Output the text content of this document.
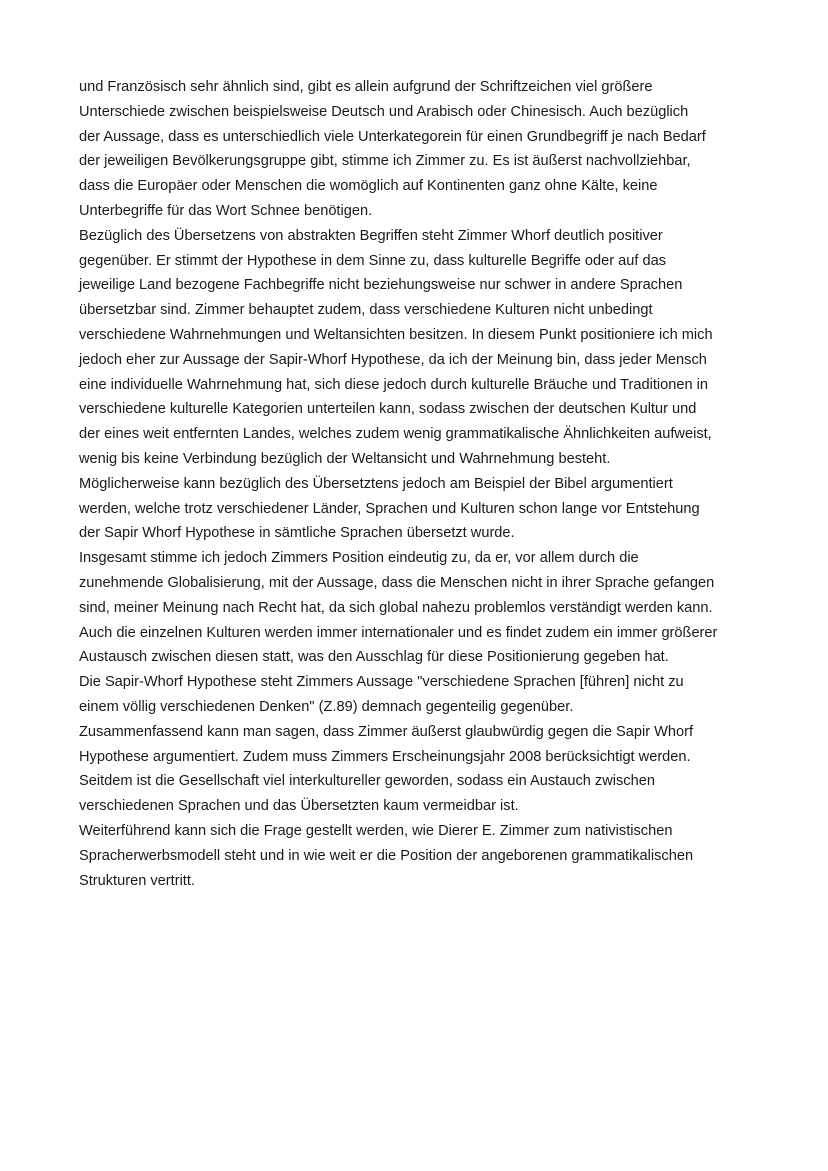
und Französisch sehr ähnlich sind, gibt es allein aufgrund der Schriftzeichen viel größere
Unterschiede zwischen beispielsweise Deutsch und Arabisch oder Chinesisch. Auch bezüglich
der Aussage, dass es unterschiedlich viele Unterkategorein für einen Grundbegriff je nach Bedarf
der jeweiligen Bevölkerungsgruppe gibt, stimme ich Zimmer zu. Es ist äußerst nachvollziehbar,
dass die Europäer oder Menschen die womöglich auf Kontinenten ganz ohne Kälte, keine
Unterbegriffe für das Wort Schnee benötigen.
Bezüglich des Übersetzens von abstrakten Begriffen steht Zimmer Whorf deutlich positiver
gegenüber. Er stimmt der Hypothese in dem Sinne zu, dass kulturelle Begriffe oder auf das
jeweilige Land bezogene Fachbegriffe nicht beziehungsweise nur schwer in andere Sprachen
übersetzbar sind. Zimmer behauptet zudem, dass verschiedene Kulturen nicht unbedingt
verschiedene Wahrnehmungen und Weltansichten besitzen. In diesem Punkt positioniere ich mich
jedoch eher zur Aussage der Sapir-Whorf Hypothese, da ich der Meinung bin, dass jeder Mensch
eine individuelle Wahrnehmung hat, sich diese jedoch durch kulturelle Bräuche und Traditionen in
verschiedene kulturelle Kategorien unterteilen kann, sodass zwischen der deutschen Kultur und
der eines weit entfernten Landes, welches zudem wenig grammatikalische Ähnlichkeiten aufweist,
wenig bis keine Verbindung bezüglich der Weltansicht und Wahrnehmung besteht.
Möglicherweise kann bezüglich des Übersetztens jedoch am Beispiel der Bibel argumentiert
werden, welche trotz verschiedener Länder, Sprachen und Kulturen schon lange vor Entstehung
der Sapir Whorf Hypothese in sämtliche Sprachen übersetzt wurde.
Insgesamt stimme ich jedoch Zimmers Position eindeutig zu, da er, vor allem durch die
zunehmende Globalisierung, mit der Aussage, dass die Menschen nicht in ihrer Sprache gefangen
sind, meiner Meinung nach Recht hat, da sich global nahezu problemlos verständigt werden kann.
Auch die einzelnen Kulturen werden immer internationaler und es findet zudem ein immer größerer
Austausch zwischen diesen statt, was den Ausschlag für diese Positionierung gegeben hat.
Die Sapir-Whorf Hypothese steht Zimmers Aussage "verschiedene Sprachen [führen] nicht zu
einem völlig verschiedenen Denken" (Z.89) demnach gegenteilig gegenüber.
Zusammenfassend kann man sagen, dass Zimmer äußerst glaubwürdig gegen die Sapir Whorf
Hypothese argumentiert. Zudem muss Zimmers Erscheinungsjahr 2008 berücksichtigt werden.
Seitdem ist die Gesellschaft viel interkultureller geworden, sodass ein Austauch zwischen
verschiedenen Sprachen und das Übersetzten kaum vermeidbar ist.
Weiterführend kann sich die Frage gestellt werden, wie Dierer E. Zimmer zum nativistischen
Spracherwerbsmodell steht und in wie weit er die Position der angeborenen grammatikalischen
Strukturen vertritt.
